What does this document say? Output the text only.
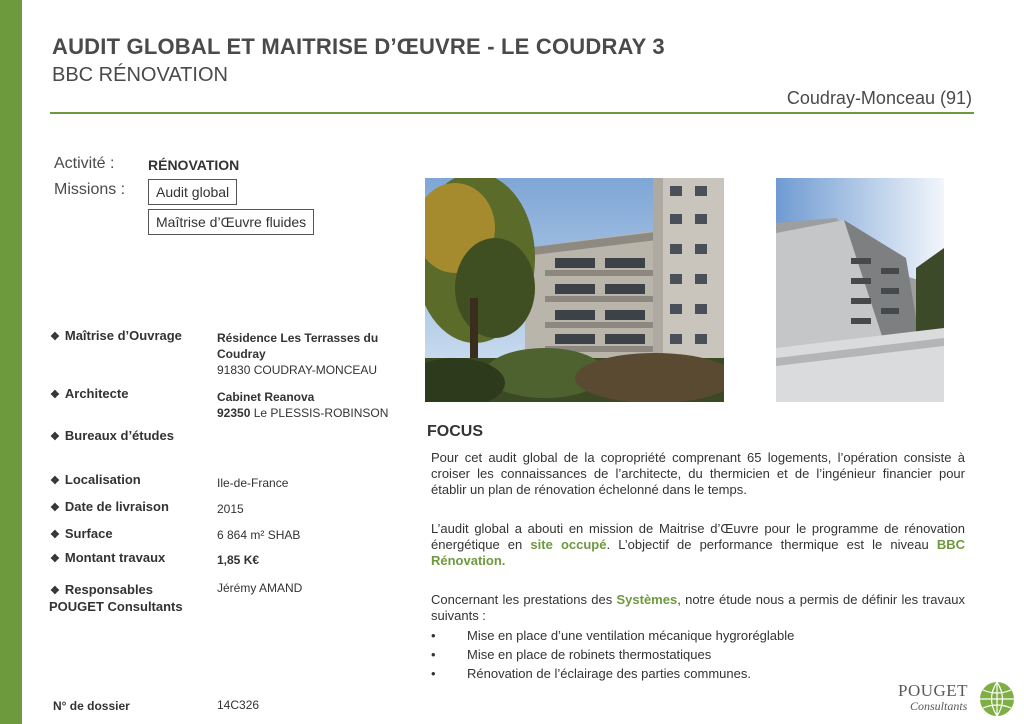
AUDIT GLOBAL ET MAITRISE D’ŒUVRE - LE COUDRAY 3
BBC RÉNOVATION
Coudray-Monceau (91)
Activité : RÉNOVATION
Missions :	Audit global
Maîtrise d’Œuvre fluides
❖ Maîtrise d’Ouvrage	Résidence Les Terrasses du Coudray
91830 COUDRAY-MONCEAU
❖ Architecte	Cabinet Reanova
92350 Le PLESSIS-ROBINSON
❖ Bureaux d’études
❖ Localisation	Ile-de-France
❖ Date de livraison	2015
❖ Surface	6 864 m² SHAB
❖ Montant travaux	1,85 K€
❖ Responsables
POUGET Consultants
Jérémy AMAND
N° de dossier	14C326
FOCUS
Pour cet audit global de la copropriété comprenant 65 logements, l’opération consiste à croiser les connaissances de l’architecte, du thermicien et de l’ingénieur financier pour établir un plan de rénovation échelonné dans le temps.
L’audit global a abouti en mission de Maitrise d’Œuvre pour le programme de rénovation énergétique en site occupé. L’objectif de performance thermique est le niveau BBC Rénovation.
Concernant les prestations des Systèmes, notre étude nous a permis de définir les travaux suivants :
• Mise en place d’une ventilation mécanique hygroréglable
• Mise en place de robinets thermostatiques
• Rénovation de l’éclairage des parties communes.
POUGET
Consultants
